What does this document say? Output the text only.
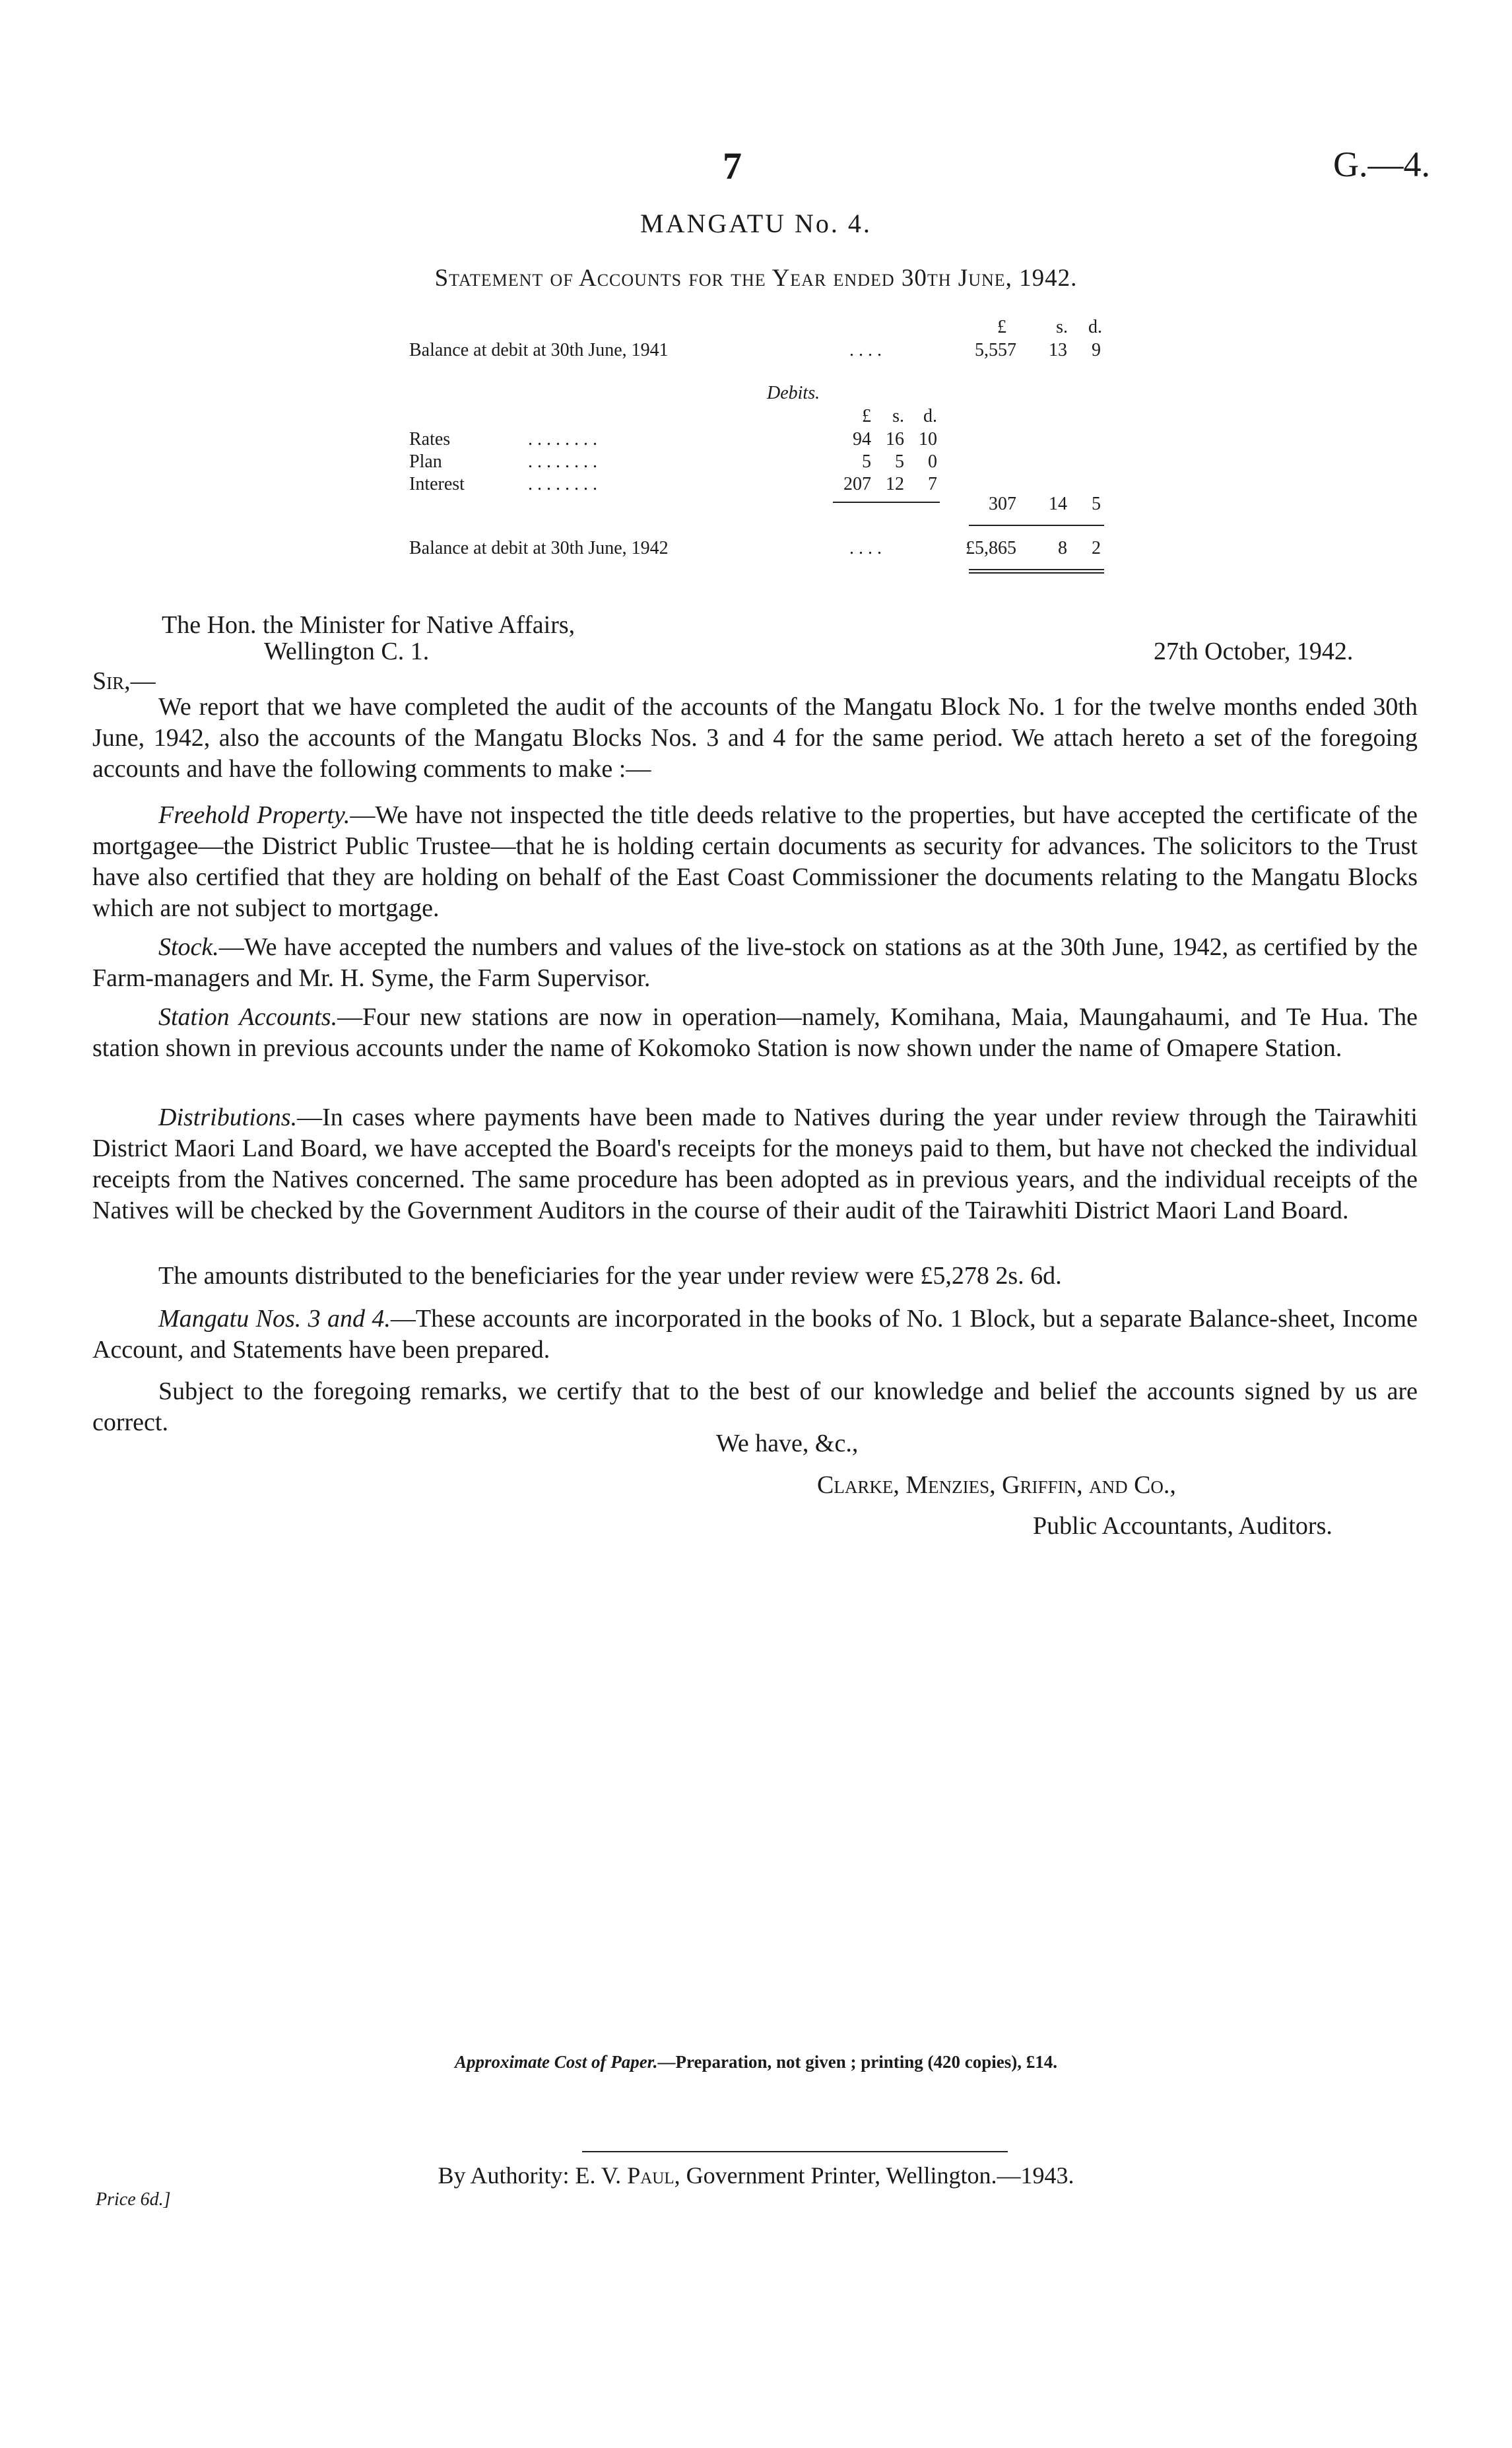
7	G.—4.
MANGATU No. 4.
Statement of Accounts for the Year ended 30th June, 1942.
£	s.	d.
Balance at debit at 30th June, 1941	. . . .	5,557	13	9
Debits.
£	s.	d.
Rates	. . . . . . . .	94 16 10
Plan	. . . . . . . .	5	5	0
Interest	. . . . . . . .	207 12	7
307	14	5
Balance at debit at 30th June, 1942	. . . .	£5,865	8	2
The Hon. the Minister for Native Affairs,
Wellington C. 1.	27th October, 1942.
Sir,—
We report that we have completed the audit of the accounts of the Mangatu Block No. 1 for the twelve months ended 30th June, 1942, also the accounts of the Mangatu Blocks Nos. 3 and 4 for the same period. We attach hereto a set of the foregoing accounts and have the following comments to make :—
Freehold Property.—We have not inspected the title deeds relative to the properties, but have accepted the certificate of the mortgagee—the District Public Trustee—that he is holding certain documents as security for advances. The solicitors to the Trust have also certified that they are holding on behalf of the East Coast Commissioner the documents relating to the Mangatu Blocks which are not subject to mortgage.
Stock.—We have accepted the numbers and values of the live-stock on stations as at the 30th June, 1942, as certified by the Farm-managers and Mr. H. Syme, the Farm Supervisor.
Station Accounts.—Four new stations are now in operation—namely, Komihana, Maia, Maungahaumi, and Te Hua. The station shown in previous accounts under the name of Kokomoko Station is now shown under the name of Omapere Station.
Distributions.—In cases where payments have been made to Natives during the year under review through the Tairawhiti District Maori Land Board, we have accepted the Board's receipts for the moneys paid to them, but have not checked the individual receipts from the Natives concerned. The same procedure has been adopted as in previous years, and the individual receipts of the Natives will be checked by the Government Auditors in the course of their audit of the Tairawhiti District Maori Land Board.
The amounts distributed to the beneficiaries for the year under review were £5,278 2s. 6d.
Mangatu Nos. 3 and 4.—These accounts are incorporated in the books of No. 1 Block, but a separate Balance-sheet, Income Account, and Statements have been prepared.
Subject to the foregoing remarks, we certify that to the best of our knowledge and belief the accounts signed by us are correct.
We have, &c.,
Clarke, Menzies, Griffin, and Co.,
Public Accountants, Auditors.
Approximate Cost of Paper.—Preparation, not given ; printing (420 copies), £14.
By Authority: E. V. Paul, Government Printer, Wellington.—1943.
Price 6d.]
